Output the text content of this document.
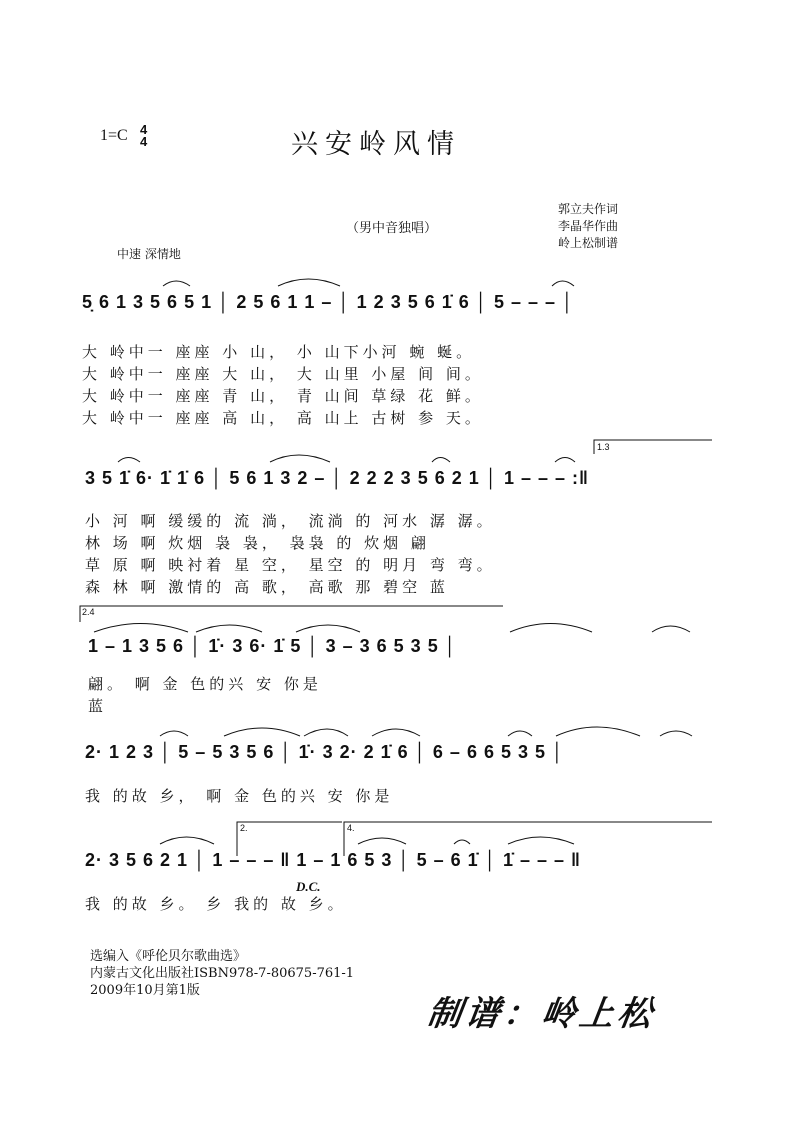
1=C 4
4	兴安岭风情
（男中音独唱）
郭立夫作词
李晶华作曲
岭上松制谱
中速 深情地
5̣ 6 1 3 5 6 5 1 │ 2 5 6 1 1 – │ 1 2 3 5 6 1̇ 6 │ 5 – – – │
大 岭中一 座座 小 山， 小 山下小河 蜿 蜒。
大 岭中一 座座 大 山， 大 山里 小屋 间 间。
大 岭中一 座座 青 山， 青 山间 草绿 花 鲜。
大 岭中一 座座 高 山， 高 山上 古树 参 天。
1.3
3 5 1̇ 6· 1̇ 1̇ 6 │ 5 6 1 3 2 – │ 2 2 2 3 5 6 2 1 │ 1 – – – :‖
小 河 啊 缓缓的 流 淌， 流淌 的 河水 潺 潺。
林 场 啊 炊烟 袅 袅， 袅袅 的 炊烟 翩
草 原 啊 映衬着 星 空， 星空 的 明月 弯 弯。
森 林 啊 激情的 高 歌， 高歌 那 碧空 蓝
2.4
1 – 1 3 5 6 │ 1̇· 3 6· 1̇ 5 │ 3 – 3 6 5 3 5 │
翩。 啊 金 色的兴 安 你是
蓝
2· 1 2 3 │ 5 – 5 3 5 6 │ 1̇· 3 2· 2 1̇ 6 │ 6 – 6 6 5 3 5 │
我 的故 乡， 啊 金 色的兴 安 你是
2.	4.
2· 3 5 6 2 1 │ 1 – – – ‖ 1 – 1 6 5 3 │ 5 – 6 1̇ │ 1̇ – – – ‖
D.C.
我 的故 乡。 乡 我的 故 乡。
选编入《呼伦贝尔歌曲选》
内蒙古文化出版社ISBN978-7-80675-761-1
2009年10月第1版
制谱：岭上松
